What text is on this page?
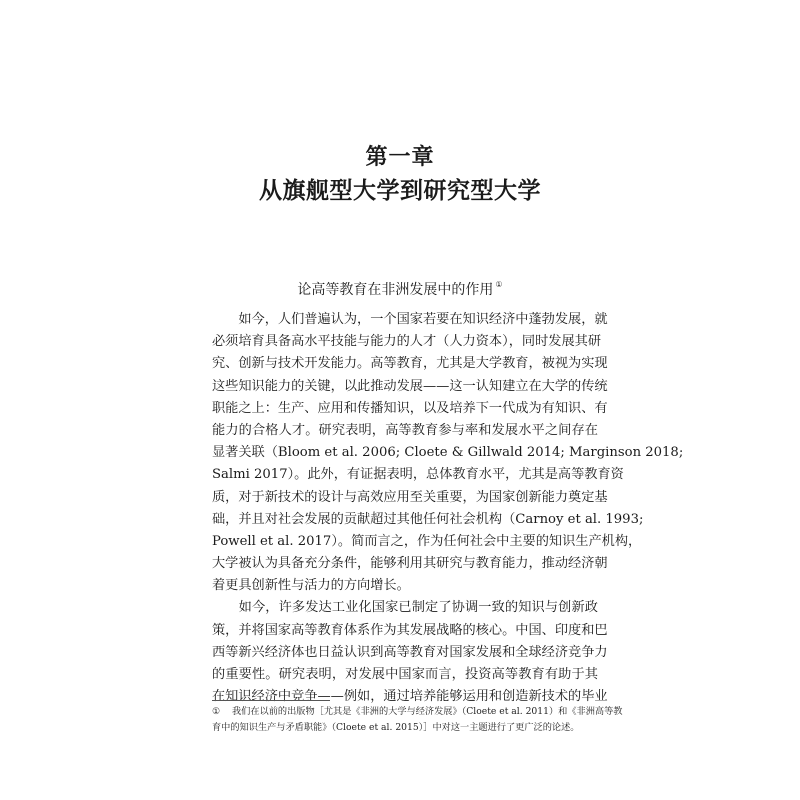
第一章
从旗舰型大学到研究型大学
论高等教育在非洲发展中的作用 ①
　　如今，人们普遍认为，一个国家若要在知识经济中蓬勃发展，就
必须培育具备高水平技能与能力的人才（人力资本），同时发展其研
究、创新与技术开发能力。高等教育，尤其是大学教育，被视为实现
这些知识能力的关键，以此推动发展——这一认知建立在大学的传统
职能之上：生产、应用和传播知识，以及培养下一代成为有知识、有
能力的合格人才。研究表明，高等教育参与率和发展水平之间存在
显著关联（Bloom et al. 2006; Cloete & Gillwald 2014; Marginson 2018;
Salmi 2017）。此外，有证据表明，总体教育水平，尤其是高等教育资
质，对于新技术的设计与高效应用至关重要，为国家创新能力奠定基
础，并且对社会发展的贡献超过其他任何社会机构（Carnoy et al. 1993;
Powell et al. 2017）。简而言之，作为任何社会中主要的知识生产机构，
大学被认为具备充分条件，能够利用其研究与教育能力，推动经济朝
着更具创新性与活力的方向增长。
　　如今，许多发达工业化国家已制定了协调一致的知识与创新政
策，并将国家高等教育体系作为其发展战略的核心。中国、印度和巴
西等新兴经济体也日益认识到高等教育对国家发展和全球经济竞争力
的重要性。研究表明，对发展中国家而言，投资高等教育有助于其
在知识经济中竞争——例如，通过培养能够运用和创造新技术的毕业
① 我们在以前的出版物［尤其是《非洲的大学与经济发展》（Cloete et al. 2011）和《非洲高等教
育中的知识生产与矛盾职能》（Cloete et al. 2015）］中对这一主题进行了更广泛的论述。
